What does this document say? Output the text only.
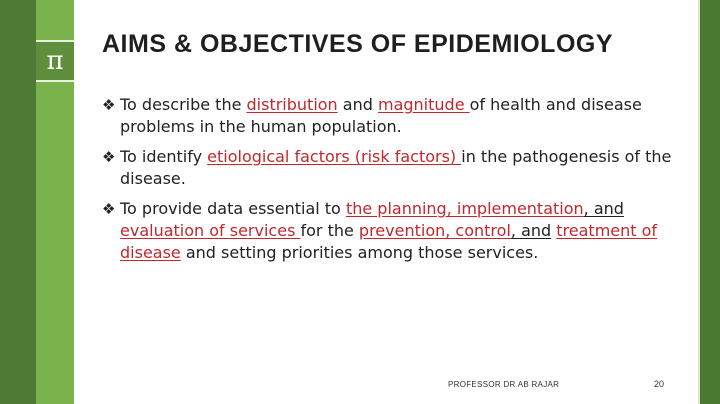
π
AIMS & OBJECTIVES OF EPIDEMIOLOGY
❖ To describe the distribution and magnitude of health and disease problems in the human population.
❖ To identify etiological factors (risk factors) in the pathogenesis of the disease.
❖ To provide data essential to the planning, implementation, and evaluation of services for the prevention, control, and treatment of disease and setting priorities among those services.
PROFESSOR DR AB RAJAR	20
